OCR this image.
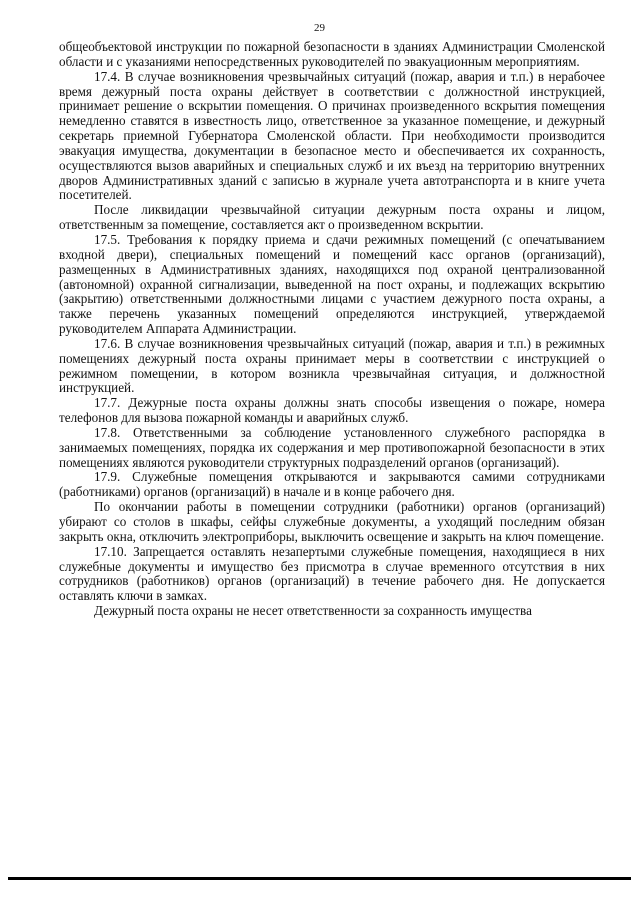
29

общеобъектовой инструкции по пожарной безопасности в зданиях Администрации Смоленской области и с указаниями непосредственных руководителей по эвакуационным мероприятиям.

17.4. В случае возникновения чрезвычайных ситуаций (пожар, авария и т.п.) в нерабочее время дежурный поста охраны действует в соответствии с должностной инструкцией, принимает решение о вскрытии помещения. О причинах произведенного вскрытия помещения немедленно ставятся в известность лицо, ответственное за указанное помещение, и дежурный секретарь приемной Губернатора Смоленской области. При необходимости производится эвакуация имущества, документации в безопасное место и обеспечивается их сохранность, осуществляются вызов аварийных и специальных служб и их въезд на территорию внутренних дворов Административных зданий с записью в журнале учета автотранспорта и в книге учета посетителей.

После ликвидации чрезвычайной ситуации дежурным поста охраны и лицом, ответственным за помещение, составляется акт о произведенном вскрытии.

17.5. Требования к порядку приема и сдачи режимных помещений (с опечатыванием входной двери), специальных помещений и помещений касс органов (организаций), размещенных в Административных зданиях, находящихся под охраной централизованной (автономной) охранной сигнализации, выведенной на пост охраны, и подлежащих вскрытию (закрытию) ответственными должностными лицами с участием дежурного поста охраны, а также перечень указанных помещений определяются инструкцией, утверждаемой руководителем Аппарата Администрации.

17.6. В случае возникновения чрезвычайных ситуаций (пожар, авария и т.п.) в режимных помещениях дежурный поста охраны принимает меры в соответствии с инструкцией о режимном помещении, в котором возникла чрезвычайная ситуация, и должностной инструкцией.

17.7. Дежурные поста охраны должны знать способы извещения о пожаре, номера телефонов для вызова пожарной команды и аварийных служб.

17.8. Ответственными за соблюдение установленного служебного распорядка в занимаемых помещениях, порядка их содержания и мер противопожарной безопасности в этих помещениях являются руководители структурных подразделений органов (организаций).

17.9. Служебные помещения открываются и закрываются самими сотрудниками (работниками) органов (организаций) в начале и в конце рабочего дня.

По окончании работы в помещении сотрудники (работники) органов (организаций) убирают со столов в шкафы, сейфы служебные документы, а уходящий последним обязан закрыть окна, отключить электроприборы, выключить освещение и закрыть на ключ помещение.

17.10. Запрещается оставлять незапертыми служебные помещения, находящиеся в них служебные документы и имущество без присмотра в случае временного отсутствия в них сотрудников (работников) органов (организаций) в течение рабочего дня. Не допускается оставлять ключи в замках.

Дежурный поста охраны не несет ответственности за сохранность имущества
